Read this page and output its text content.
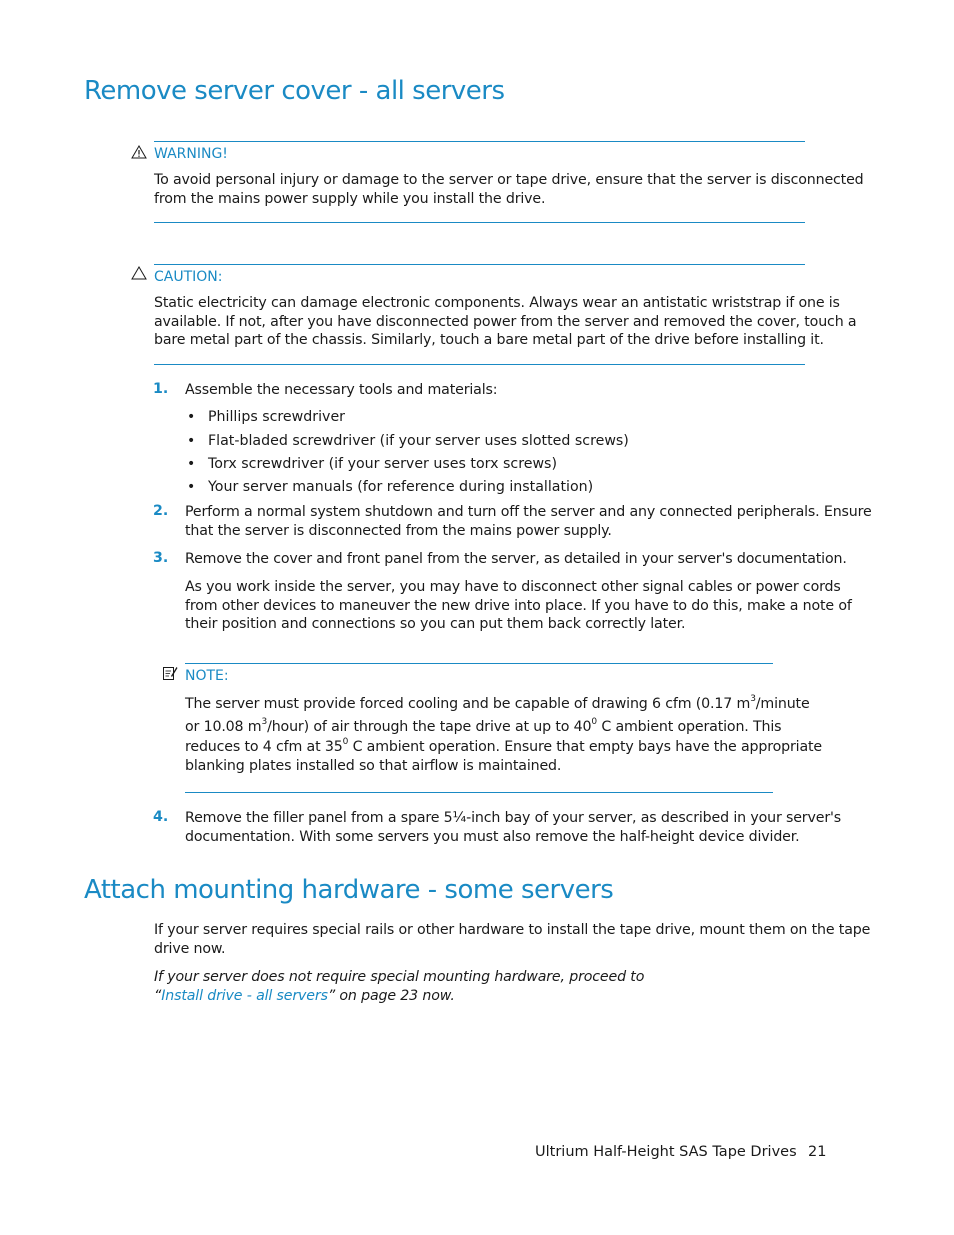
Remove server cover - all servers
WARNING!
To avoid personal injury or damage to the server or tape drive, ensure that the server is disconnected
from the mains power supply while you install the drive.
CAUTION:
Static electricity can damage electronic components. Always wear an antistatic wriststrap if one is
available. If not, after you have disconnected power from the server and removed the cover, touch a
bare metal part of the chassis. Similarly, touch a bare metal part of the drive before installing it.
1. Assemble the necessary tools and materials:
• Phillips screwdriver
• Flat-bladed screwdriver (if your server uses slotted screws)
• Torx screwdriver (if your server uses torx screws)
• Your server manuals (for reference during installation)
2. Perform a normal system shutdown and turn off the server and any connected peripherals. Ensure
that the server is disconnected from the mains power supply.
3. Remove the cover and front panel from the server, as detailed in your server's documentation.
As you work inside the server, you may have to disconnect other signal cables or power cords
from other devices to maneuver the new drive into place. If you have to do this, make a note of
their position and connections so you can put them back correctly later.
NOTE:
The server must provide forced cooling and be capable of drawing 6 cfm (0.17 $m^3$/minute
or 10.08 $m^3/hour$) of air through the tape drive at up to $40^0$ C ambient operation. This
reduces to 4 cfm at $35^0$ C ambient operation. Ensure that empty bays have the appropriate
blanking plates installed so that airflow is maintained.
4. Remove the filler panel from a spare 5¼-inch bay of your server, as described in your server's
documentation. With some servers you must also remove the half-height device divider.
Attach mounting hardware - some servers
If your server requires special rails or other hardware to install the tape drive, mount them on the tape
drive now.
If your server does not require special mounting hardware, proceed to
“Install drive - all servers” on page 23 now.
Ultrium Half-Height SAS Tape Drives 21
